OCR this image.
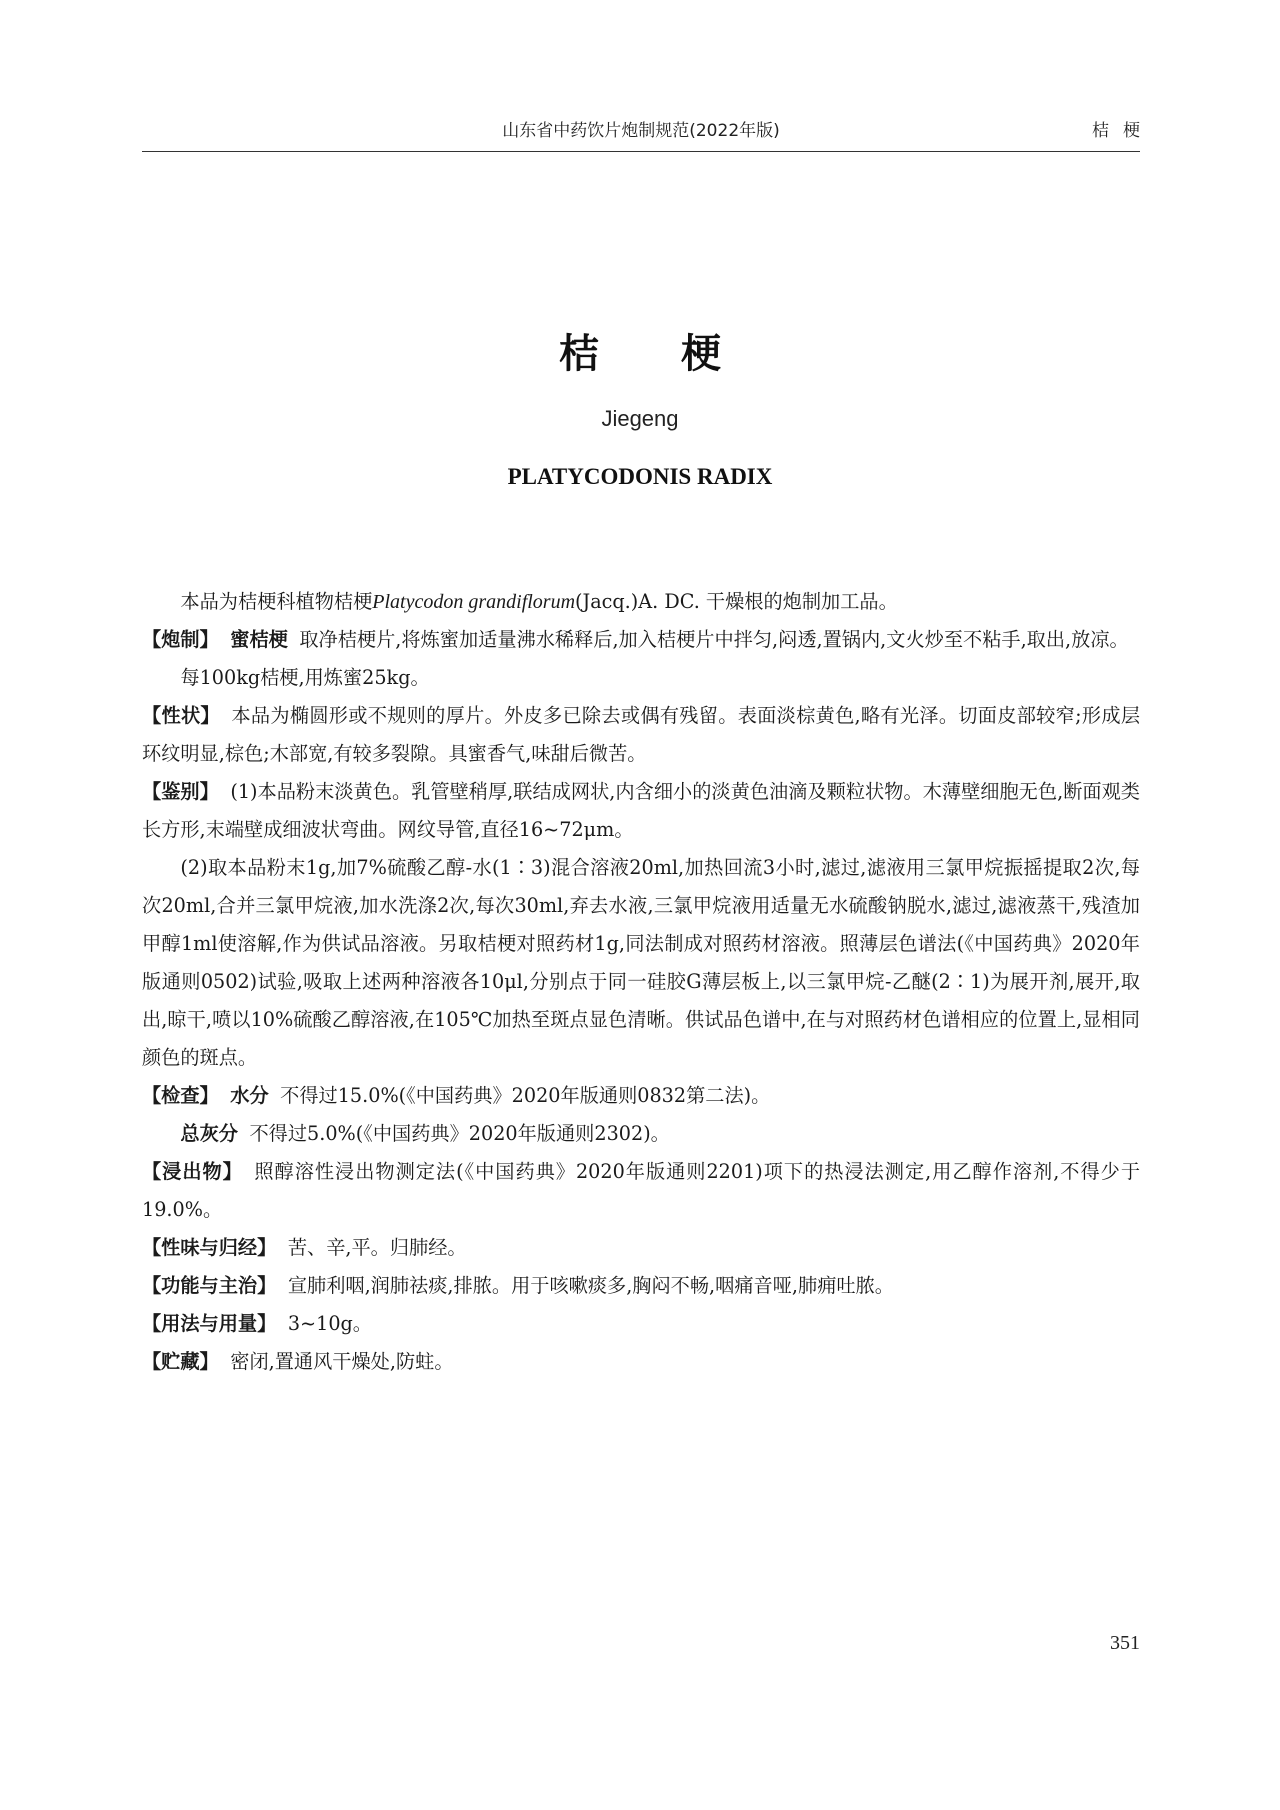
山东省中药饮片炮制规范(2022年版)	桔梗
桔 梗
Jiegeng
PLATYCODONIS RADIX

本品为桔梗科植物桔梗Platycodon grandiflorum(Jacq.)A. DC. 干燥根的炮制加工品。

【炮制】 蜜桔梗 取净桔梗片,将炼蜜加适量沸水稀释后,加入桔梗片中拌匀,闷透,置锅内,文火炒至不粘手,取出,放凉。

每100kg桔梗,用炼蜜25kg。

【性状】 本品为椭圆形或不规则的厚片。外皮多已除去或偶有残留。表面淡棕黄色,略有光泽。切面皮部较窄;形成层环纹明显,棕色;木部宽,有较多裂隙。具蜜香气,味甜后微苦。

【鉴别】 (1)本品粉末淡黄色。乳管壁稍厚,联结成网状,内含细小的淡黄色油滴及颗粒状物。木薄壁细胞无色,断面观类长方形,末端壁成细波状弯曲。网纹导管,直径16~72μm。

(2)取本品粉末1g,加7%硫酸乙醇-水(1∶3)混合溶液20ml,加热回流3小时,滤过,滤液用三氯甲烷振摇提取2次,每次20ml,合并三氯甲烷液,加水洗涤2次,每次30ml,弃去水液,三氯甲烷液用适量无水硫酸钠脱水,滤过,滤液蒸干,残渣加甲醇1ml使溶解,作为供试品溶液。另取桔梗对照药材1g,同法制成对照药材溶液。照薄层色谱法(《中国药典》2020年版通则0502)试验,吸取上述两种溶液各10μl,分别点于同一硅胶G薄层板上,以三氯甲烷-乙醚(2∶1)为展开剂,展开,取出,晾干,喷以10%硫酸乙醇溶液,在105℃加热至斑点显色清晰。供试品色谱中,在与对照药材色谱相应的位置上,显相同颜色的斑点。

【检查】 水分 不得过15.0%(《中国药典》2020年版通则0832第二法)。

总灰分 不得过5.0%(《中国药典》2020年版通则2302)。

【浸出物】 照醇溶性浸出物测定法(《中国药典》2020年版通则2201)项下的热浸法测定,用乙醇作溶剂,不得少于19.0%。

【性味与归经】 苦、辛,平。归肺经。

【功能与主治】 宣肺利咽,润肺祛痰,排脓。用于咳嗽痰多,胸闷不畅,咽痛音哑,肺痈吐脓。

【用法与用量】 3~10g。

【贮藏】 密闭,置通风干燥处,防蛀。

351
